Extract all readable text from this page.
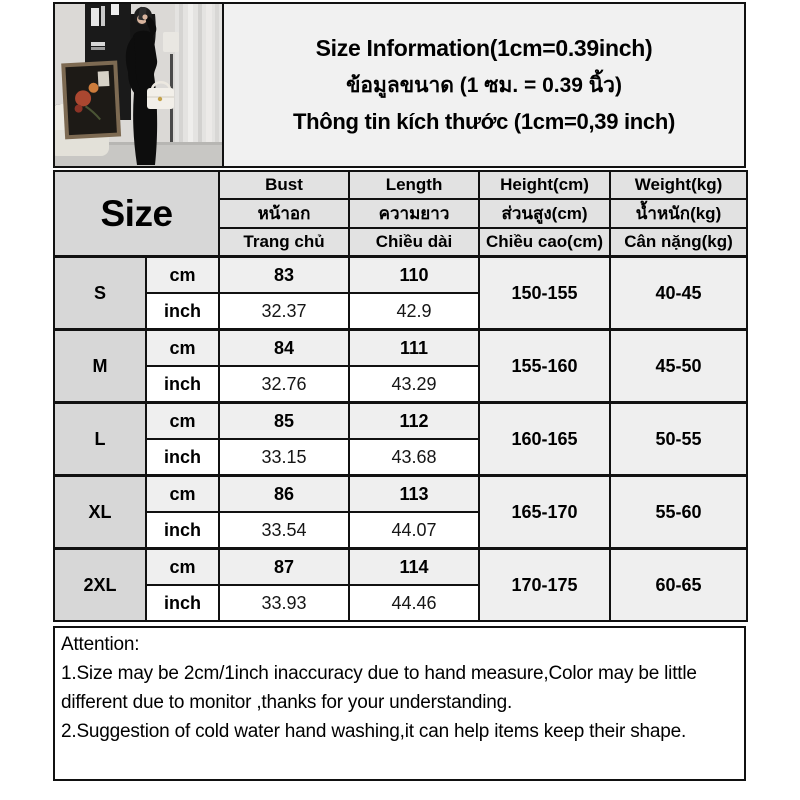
Size Information(1cm=0.39inch)
ข้อมูลขนาด (1 ซม. = 0.39 นิ้ว)
Thông tin kích thước (1cm=0,39 inch)
Size		Bust	Length	Height(cm)	Weight(kg)
		หน้าอก	ความยาว	ส่วนสูง(cm)	น้ำหนัก(kg)
		Trang chủ	Chiều dài	Chiều cao(cm)	Cân nặng(kg)
S	cm	83	110	150-155	40-45
	inch	32.37	42.9		
M	cm	84	111	155-160	45-50
	inch	32.76	43.29		
L	cm	85	112	160-165	50-55
	inch	33.15	43.68		
XL	cm	86	113	165-170	55-60
	inch	33.54	44.07		
2XL	cm	87	114	170-175	60-65
	inch	33.93	44.46		

Attention:

1.Size may be 2cm/1inch inaccuracy due to hand measure,Color may be little different due to monitor ,thanks for your understanding.

2.Suggestion of cold water hand washing,it can help items keep their shape.
